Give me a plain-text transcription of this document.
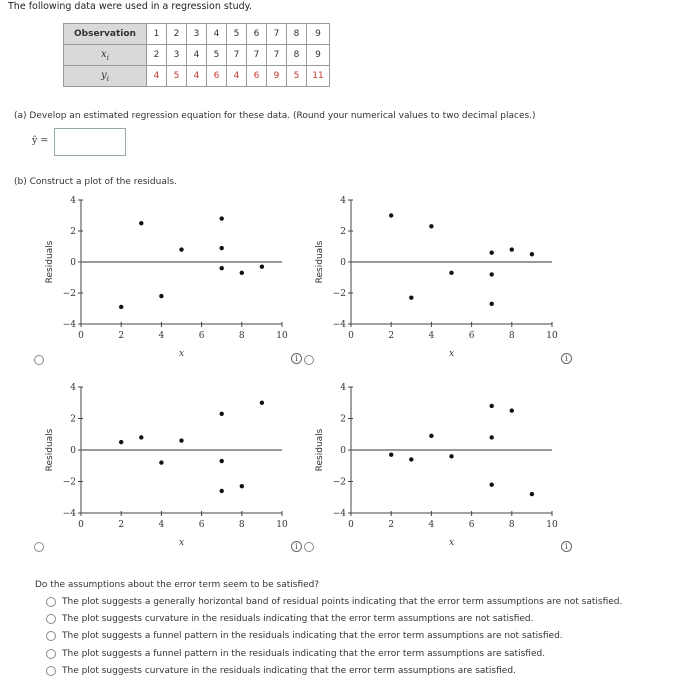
The following data were used in a regression study.
Observation	1	2	3	4	5	6	7	8	9
$x_i$	2	3	4	5	7	7	7	8	9
$y_i$	4	5	4	6	4	6	9	5	11
(a) Develop an estimated regression equation for these data. (Round your numerical values to two decimal places.)
ŷ =
(b) Construct a plot of the residuals.
4
2
0
−2
−4
0	2	4	6	8	10
x
Residuals
4
2
0
−2
−4
0	2	4	6	8	10
x
Residuals
4
2
0
−2
−4
0	2	4	6	8	10
x
Residuals
4
2
0
−2
−4
0	2	4	6	8	10
x
Residuals
i	i
i	i
Do the assumptions about the error term seem to be satisfied?
The plot suggests a generally horizontal band of residual points indicating that the error term assumptions are not satisfied.
The plot suggests curvature in the residuals indicating that the error term assumptions are not satisfied.
The plot suggests a funnel pattern in the residuals indicating that the error term assumptions are not satisfied.
The plot suggests a funnel pattern in the residuals indicating that the error term assumptions are satisfied.
The plot suggests curvature in the residuals indicating that the error term assumptions are satisfied.
